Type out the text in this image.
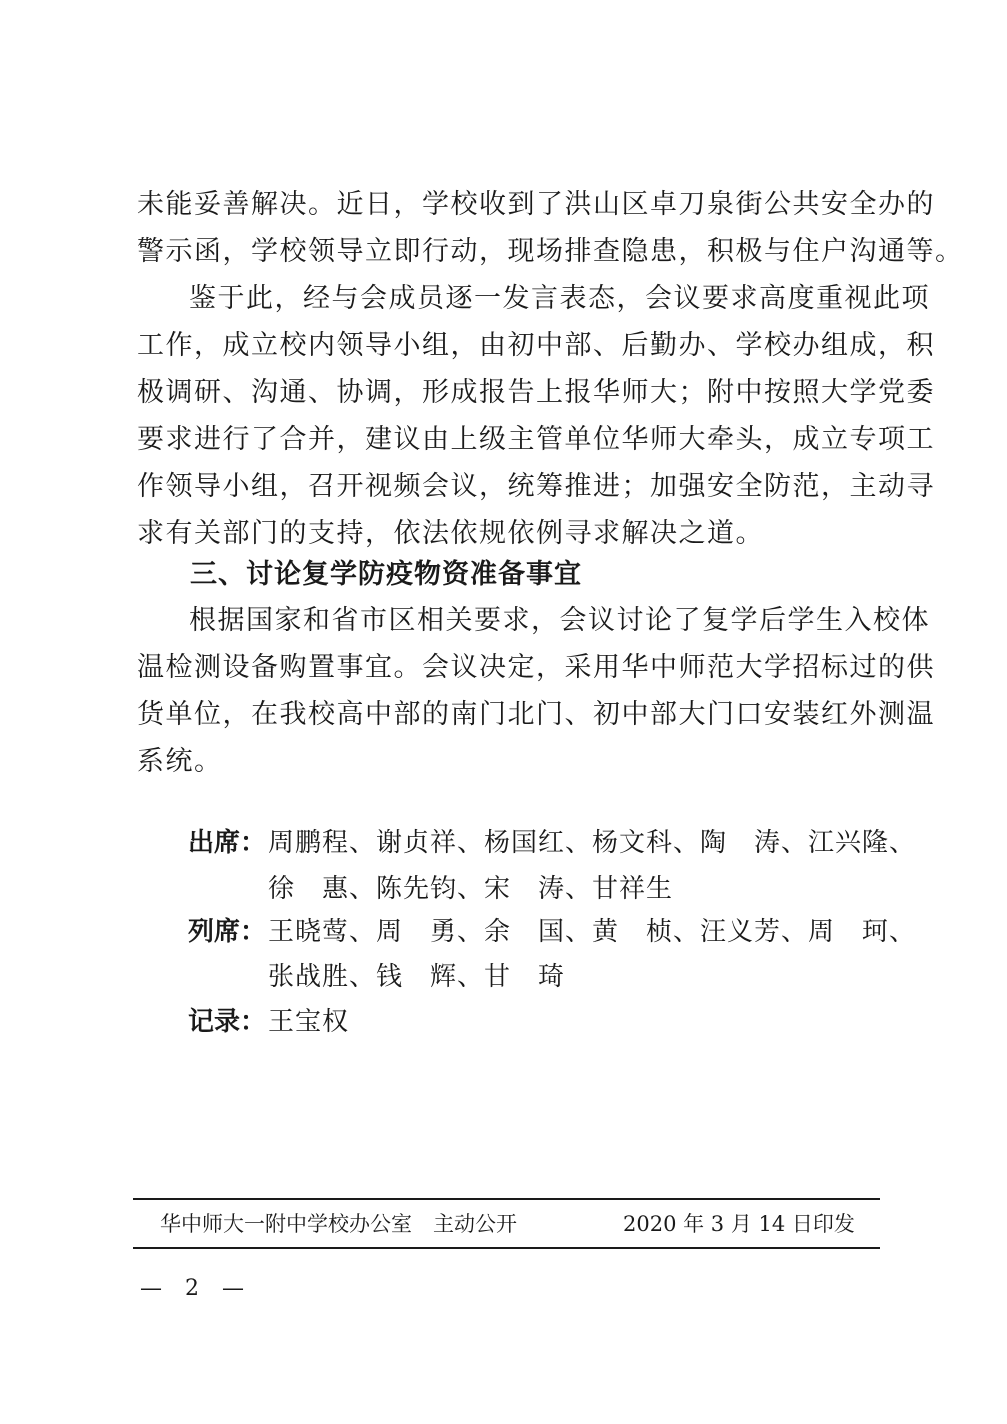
未能妥善解决。近日，学校收到了洪山区卓刀泉街公共安全办的
警示函，学校领导立即行动，现场排查隐患，积极与住户沟通等。
鉴于此，经与会成员逐一发言表态，会议要求高度重视此项
工作，成立校内领导小组，由初中部、后勤办、学校办组成，积
极调研、沟通、协调，形成报告上报华师大；附中按照大学党委
要求进行了合并，建议由上级主管单位华师大牵头，成立专项工
作领导小组，召开视频会议，统筹推进；加强安全防范，主动寻
求有关部门的支持，依法依规依例寻求解决之道。
三、讨论复学防疫物资准备事宜
根据国家和省市区相关要求，会议讨论了复学后学生入校体
温检测设备购置事宜。会议决定，采用华中师范大学招标过的供
货单位，在我校高中部的南门北门、初中部大门口安装红外测温
系统。
出席： 周鹏程、谢贞祥、杨国红、杨文科、陶　涛、江兴隆、
徐　惠、陈先钧、宋　涛、甘祥生
列席： 王晓莺、周　勇、余　国、黄　桢、汪义芳、周　珂、
张战胜、钱　辉、甘　琦
记录： 王宝权
华中师大一附中学校办公室　主动公开	2020 年 3 月 14 日印发
— 2 —
